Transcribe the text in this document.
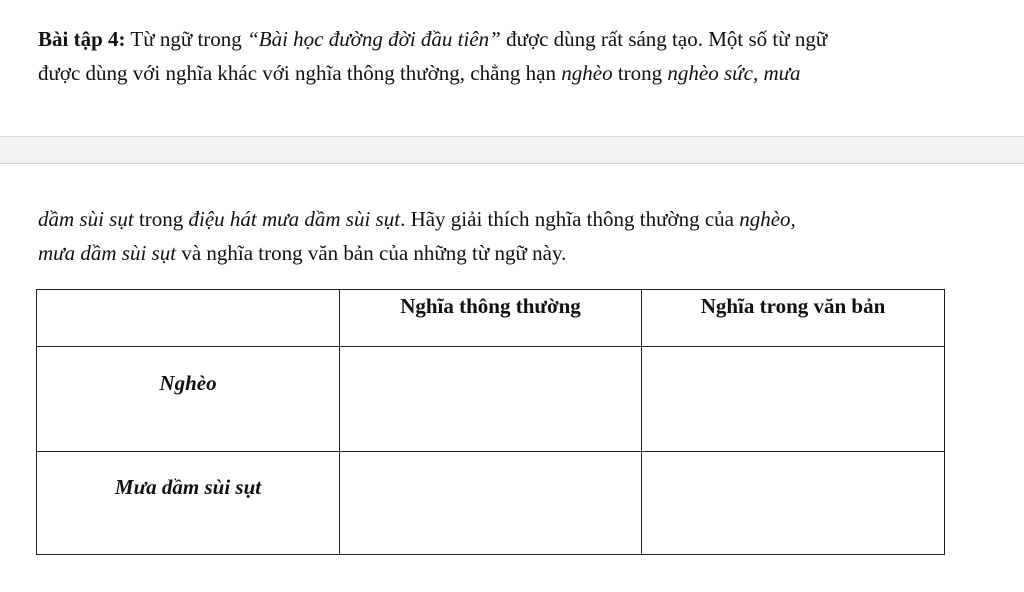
Bài tập 4: Từ ngữ trong “Bài học đường đời đầu tiên” được dùng rất sáng tạo. Một số từ ngữ
được dùng với nghĩa khác với nghĩa thông thường, chẳng hạn nghèo trong nghèo sức, mưa

dầm sùi sụt trong điệu hát mưa dầm sùi sụt. Hãy giải thích nghĩa thông thường của nghèo,
mưa dầm sùi sụt và nghĩa trong văn bản của những từ ngữ này.

	Nghĩa thông thường	Nghĩa trong văn bản
Nghèo		
Mưa dầm sùi sụt		
